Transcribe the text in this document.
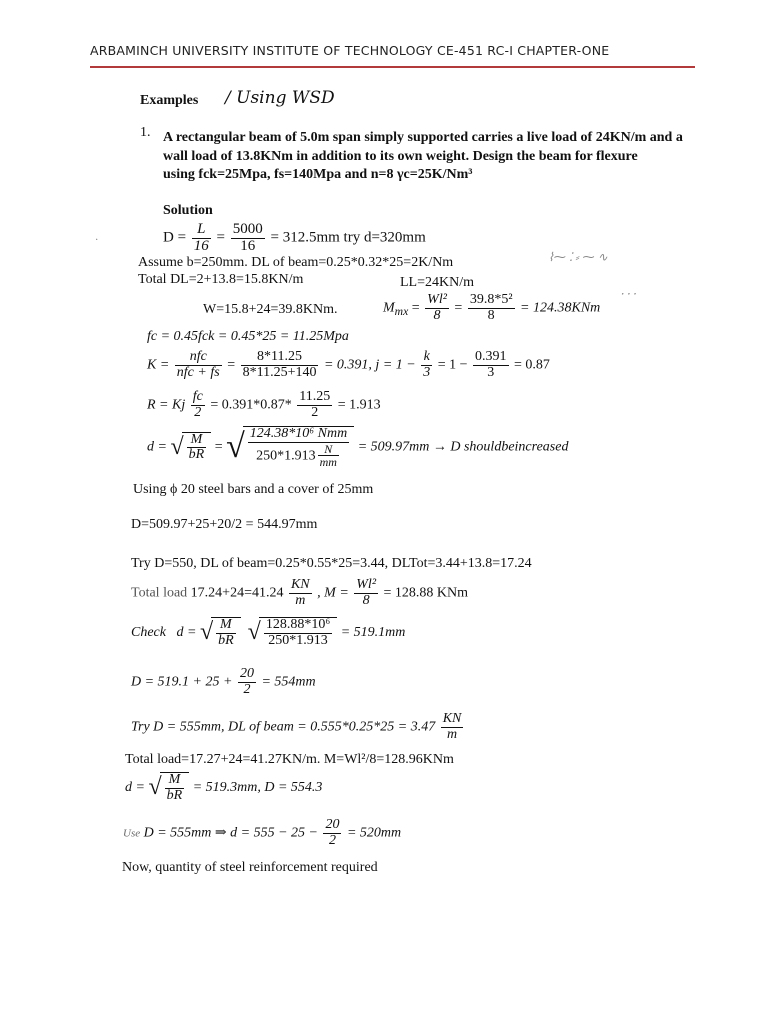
ARBAMINCH UNIVERSITY INSTITUTE OF TECHNOLOGY CE-451 RC-I CHAPTER-ONE
Examples / Using WSD
1. A rectangular beam of 5.0m span simply supported carries a live load of 24KN/m and a
wall load of 13.8KNm in addition to its own weight. Design the beam for flexure
using fck=25Mpa, fs=140Mpa and n=8 γc=25K/Nm³
Solution
$D = \frac{L}{16} = \frac{5000}{16} = 312.5mm$ try d=320mm
Assume b=250mm. DL of beam=0.25*0.32*25=2K/Nm
Total DL=2+13.8=15.8KN/m	LL=24KN/m
W=15.8+24=39.8KNm.	$M_{mx} = \frac{\text{Wl²}}{8} = \frac{\text{39.8*5²}}{8} = 124.38KNm$
fc = 0.45fck = 0.45*25 = 11.25Mpa
$K = \frac{\text{nfc}}{\text{nfc + fs}} = \frac{8*11.25}{8*11.25+140} = 0.391$, $j = 1 - \frac{k}{3} = 1 - \frac{0.391}{3} = 0.87$
R = Kj $\frac{fc}{2} = 0.391*0.87* \frac{11.25}{2} = 1.913$
d = √ $\frac{M}{bR}$ = √ $\frac{\text{124.38*10⁶ Nmm}}{250*1.913 \frac{N}{mm}} = 509.97mm \to D$ shouldbeincreased
Using ϕ 20 steel bars and a cover of 25mm
D=509.97+25+20/2 = 544.97mm
Try D=550, DL of beam=0.25*0.55*25=3.44, DLTot=3.44+13.8=17.24
Total load $17.24+24=41.24 \frac{KN}{m}$ , $M = \frac{\text{Wl²}}{8} = 128.88$ KNm
Check d = √ $\frac{M}{bR}$ √ $\frac{\text{128.88*10⁶}}{250*1.913} = 519.1mm$
$D = 519.1 + 25 + \frac{20}{2} = 554mm$
Try D = 555mm, DL of beam = $0.555*0.25*25 = 3.47 \frac{KN}{m}$
Total load=17.27+24=41.27KN/m. M=Wl²/8=128.96KNm
d = √ $\frac{M}{bR} = 519.3mm$, D = 554.3
Use D = 555mm ⇒ $d = 555 - 25 - \frac{20}{2} = 520mm$
Now, quantity of steel reinforcement required
⌇⁓ ⁚ ⸗ ⁓ ∿
⸱ ⸱ ⸱
·
